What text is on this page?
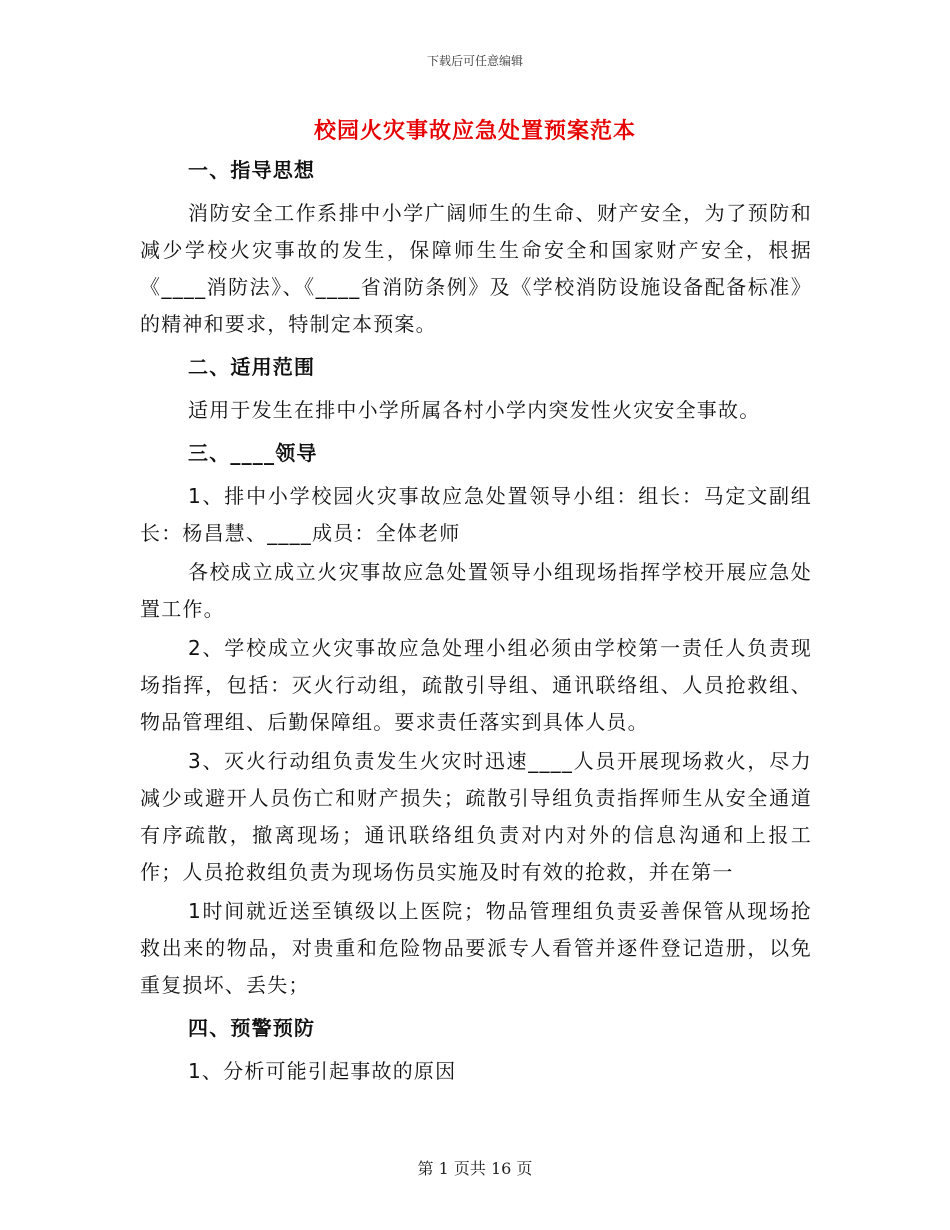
下载后可任意编辑
校园火灾事故应急处置预案范本
一、指导思想

消防安全工作系排中小学广阔师生的生命、财产安全，为了预防和减少学校火灾事故的发生，保障师生生命安全和国家财产安全，根据《____消防法》、《____省消防条例》及《学校消防设施设备配备标准》的精神和要求，特制定本预案。

二、适用范围

适用于发生在排中小学所属各村小学内突发性火灾安全事故。

三、____领导

1、排中小学校园火灾事故应急处置领导小组：组长：马定文副组长：杨昌慧、____成员：全体老师

各校成立成立火灾事故应急处置领导小组现场指挥学校开展应急处置工作。

2、学校成立火灾事故应急处理小组必须由学校第一责任人负责现场指挥，包括：灭火行动组，疏散引导组、通讯联络组、人员抢救组、物品管理组、后勤保障组。要求责任落实到具体人员。

3、灭火行动组负责发生火灾时迅速____人员开展现场救火，尽力减少或避开人员伤亡和财产损失；疏散引导组负责指挥师生从安全通道有序疏散，撤离现场；通讯联络组负责对内对外的信息沟通和上报工作；人员抢救组负责为现场伤员实施及时有效的抢救，并在第一

1时间就近送至镇级以上医院；物品管理组负责妥善保管从现场抢救出来的物品，对贵重和危险物品要派专人看管并逐件登记造册，以免重复损坏、丢失；

四、预警预防

1、分析可能引起事故的原因

第 1 页共 16 页
